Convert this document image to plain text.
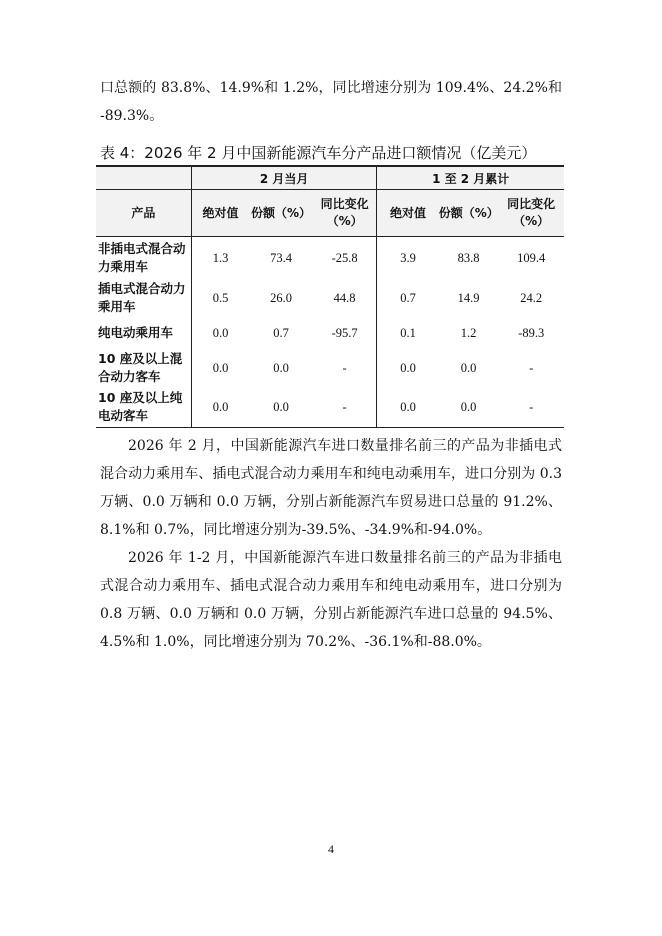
口总额的 83.8%、14.9%和 1.2%，同比增速分别为 109.4%、24.2%和 -89.3%。

表 4：2026 年 2 月中国新能源汽车分产品进口额情况（亿美元）
	2 月当月			1 至 2 月累计		
产品	绝对值	份额（%）	同比变化（%）	绝对值	份额（%）	同比变化（%）
非插电式混合动力乘用车	1.3	73.4	-25.8	3.9	83.8	109.4
插电式混合动力乘用车	0.5	26.0	44.8	0.7	14.9	24.2
纯电动乘用车	0.0	0.7	-95.7	0.1	1.2	-89.3
10 座及以上混合动力客车	0.0	0.0	-	0.0	0.0	-
10 座及以上纯电动客车	0.0	0.0	-	0.0	0.0	-

2026 年 2 月，中国新能源汽车进口数量排名前三的产品为非插电式混合动力乘用车、插电式混合动力乘用车和纯电动乘用车，进口分别为 0.3 万辆、0.0 万辆和 0.0 万辆，分别占新能源汽车贸易进口总量的 91.2%、8.1%和 0.7%，同比增速分别为-39.5%、-34.9%和-94.0%。

2026 年 1-2 月，中国新能源汽车进口数量排名前三的产品为非插电式混合动力乘用车、插电式混合动力乘用车和纯电动乘用车，进口分别为 0.8 万辆、0.0 万辆和 0.0 万辆，分别占新能源汽车进口总量的 94.5%、4.5%和 1.0%，同比增速分别为 70.2%、-36.1%和-88.0%。

4
